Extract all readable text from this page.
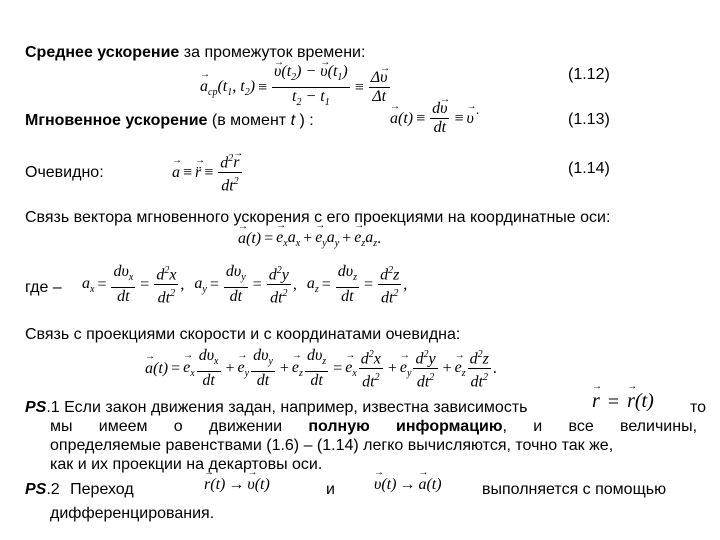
Среднее ускорение за промежуток времени:
→ $a_{ср}(t_1$, $t_2$) ≡ → $\frac{\upsilon(t_2) - \to \upsilon(t_1)}{t_2 - t_1} \equiv \frac{\Delta\to \upsilon}{\Delta t}$	(1.12)
Мгновенное ускорение (в момент t ) :	→ $a(t) \equiv \frac{d\to \upsilon}{dt}$ ≡ → υ̇	(1.13)
Очевидно:	→ a ≡ → r̈ ≡ $\frac{d^2\to r}{dt^2}$	(1.14)
Связь вектора мгновенного ускорения с его проекциями на координатные оси:
→ a(t) = → $e_xa_x$ + → $e_ya_y$ + → $e_za_z$ .
где – $a_x = \frac{d\upsilon_x}{dt} = \frac{d^2x}{dt^2}$ , $a_y = \frac{d\upsilon_y}{dt} = \frac{d^2y}{dt^2}$ , $a_z = \frac{d\upsilon_z}{dt} = \frac{d^2z}{dt^2}$ ,
Связь с проекциями скорости и с координатами очевидна:
→ a(t) = → $e_x \frac{d\upsilon_x}{dt}$ + → $e_y \frac{d\upsilon_y}{dt}$ + → $e_z \frac{d\upsilon_z}{dt}$ = → $e_x \frac{d^2x}{dt^2}$ + → $e_y \frac{d^2y}{dt^2}$ + → $e_z \frac{d^2z}{dt^2}$ .
PS.1 Если закон движения задан, например, известна зависимость	→ r = → r(t) то
мы имеем о движении полную информацию, и все величины,
определяемые равенствами (1.6) – (1.14) легко вычисляются, точно так же,
как и их проекции на декартовы оси.
PS.2 Переход	→ r(t) → → υ(t)	и → υ(t) → → a(t)	выполняется с помощью
дифференцирования.
